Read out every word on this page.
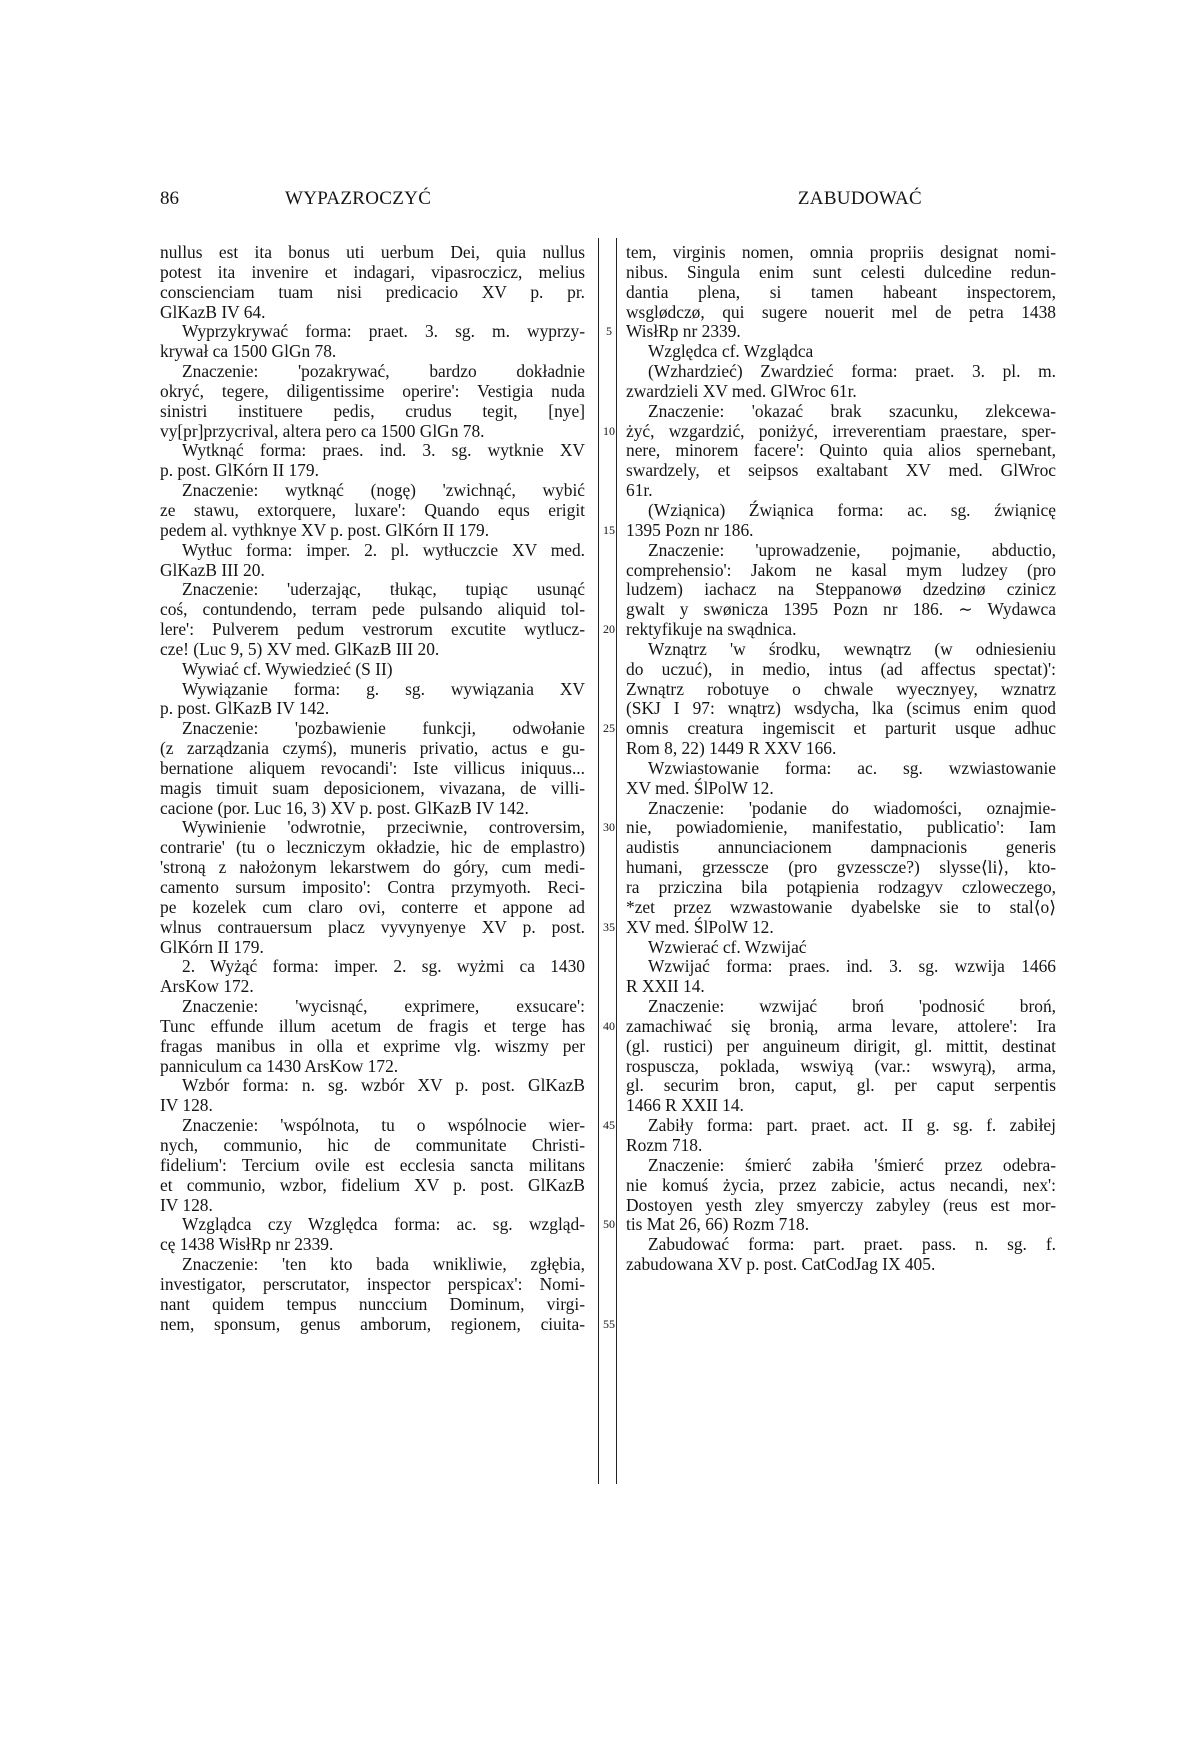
86	WYPAZROCZYĆ	ZABUDOWAĆ
nullus est ita bonus uti uerbum Dei, quia nullus
potest ita invenire et indagari, vipasroczicz, melius
conscienciam tuam nisi predicacio XV p. pr.
GlKazB IV 64.
Wyprzykrywać forma: praet. 3. sg. m. wyprzy-
krywał ca 1500 GlGn 78.
Znaczenie: 'pozakrywać, bardzo dokładnie
okryć, tegere, diligentissime operire': Vestigia nuda
sinistri instituere pedis, crudus tegit, [nye]
vy[pr]przycrival, altera pero ca 1500 GlGn 78.
Wytknąć forma: praes. ind. 3. sg. wytknie XV
p. post. GlKórn II 179.
Znaczenie: wytknąć (nogę) 'zwichnąć, wybić
ze stawu, extorquere, luxare': Quando equs erigit
pedem al. vythknye XV p. post. GlKórn II 179.
Wytłuc forma: imper. 2. pl. wytłuczcie XV med.
GlKazB III 20.
Znaczenie: 'uderzając, tłukąc, tupiąc usunąć
coś, contundendo, terram pede pulsando aliquid tol-
lere': Pulverem pedum vestrorum excutite wytlucz-
cze! (Luc 9, 5) XV med. GlKazB III 20.
Wywiać cf. Wywiedzieć (S II)
Wywiązanie forma: g. sg. wywiązania XV
p. post. GlKazB IV 142.
Znaczenie: 'pozbawienie funkcji, odwołanie
(z zarządzania czymś), muneris privatio, actus e gu-
bernatione aliquem revocandi': Iste villicus iniquus...
magis timuit suam deposicionem, vivazana, de villi-
cacione (por. Luc 16, 3) XV p. post. GlKazB IV 142.
Wywinienie 'odwrotnie, przeciwnie, controversim,
contrarie' (tu o leczniczym okładzie, hic de emplastro)
'stroną z nałożonym lekarstwem do góry, cum medi-
camento sursum imposito': Contra przymyoth. Reci-
pe kozelek cum claro ovi, conterre et appone ad
wlnus contrauersum placz vyvynyenye XV p. post.
GlKórn II 179.
2. Wyżąć forma: imper. 2. sg. wyżmi ca 1430
ArsKow 172.
Znaczenie: 'wycisnąć, exprimere, exsucare':
Tunc effunde illum acetum de fragis et terge has
fragas manibus in olla et exprime vlg. wiszmy per
panniculum ca 1430 ArsKow 172.
Wzbór forma: n. sg. wzbór XV p. post. GlKazB
IV 128.
Znaczenie: 'wspólnota, tu o wspólnocie wier-
nych, communio, hic de communitate Christi-
fidelium': Tercium ovile est ecclesia sancta militans
et communio, wzbor, fidelium XV p. post. GlKazB
IV 128.
Wzglądca czy Względca forma: ac. sg. wzgląd-
cę 1438 WisłRp nr 2339.
Znaczenie: 'ten kto bada wnikliwie, zgłębia,
investigator, perscrutator, inspector perspicax': Nomi-
nant quidem tempus nunccium Dominum, virgi-
nem, sponsum, genus amborum, regionem, ciuita-
5
10
15
20
25
30
35
40
45
50
55
tem, virginis nomen, omnia propriis designat nomi-
nibus. Singula enim sunt celesti dulcedine redun-
dantia plena, si tamen habeant inspectorem,
wsglødczø, qui sugere nouerit mel de petra 1438
WisłRp nr 2339.
Względca cf. Wzglądca
(Wzhardzieć) Zwardzieć forma: praet. 3. pl. m.
zwardzieli XV med. GlWroc 61r.
Znaczenie: 'okazać brak szacunku, zlekcewa-
żyć, wzgardzić, poniżyć, irreverentiam praestare, sper-
nere, minorem facere': Quinto quia alios spernebant,
swardzely, et seipsos exaltabant XV med. GlWroc
61r.
(Wziąnica) Źwiąnica forma: ac. sg. źwiąnicę
1395 Pozn nr 186.
Znaczenie: 'uprowadzenie, pojmanie, abductio,
comprehensio': Jakom ne kasal mym ludzey (pro
ludzem) iachacz na Steppanowø dzedzinø czinicz
gwalt y swønicza 1395 Pozn nr 186. ∼ Wydawca
rektyfikuje na swądnica.
Wznątrz 'w środku, wewnątrz (w odniesieniu
do uczuć), in medio, intus (ad affectus spectat)':
Zwnątrz robotuye o chwale wyecznyey, wznatrz
(SKJ I 97: wnątrz) wsdycha, lka (scimus enim quod
omnis creatura ingemiscit et parturit usque adhuc
Rom 8, 22) 1449 R XXV 166.
Wzwiastowanie forma: ac. sg. wzwiastowanie
XV med. ŚlPolW 12.
Znaczenie: 'podanie do wiadomości, oznajmie-
nie, powiadomienie, manifestatio, publicatio': Iam
audistis annunciacionem dampnacionis generis
humani, grzesscze (pro gvzesscze?) slysse⟨li⟩, kto-
ra prziczina bila potąpienia rodzagyv czloweczego,
*zet przez wzwastowanie dyabelske sie to stal⟨o⟩
XV med. ŚlPolW 12.
Wzwierać cf. Wzwijać
Wzwijać forma: praes. ind. 3. sg. wzwija 1466
R XXII 14.
Znaczenie: wzwijać broń 'podnosić broń,
zamachiwać się bronią, arma levare, attolere': Ira
(gl. rustici) per anguineum dirigit, gl. mittit, destinat
rospuscza, poklada, wswiyą (var.: wswyrą), arma,
gl. securim bron, caput, gl. per caput serpentis
1466 R XXII 14.
Zabiły forma: part. praet. act. II g. sg. f. zabiłej
Rozm 718.
Znaczenie: śmierć zabiła 'śmierć przez odebra-
nie komuś życia, przez zabicie, actus necandi, nex':
Dostoyen yesth zley smyerczy zabyley (reus est mor-
tis Mat 26, 66) Rozm 718.
Zabudować forma: part. praet. pass. n. sg. f.
zabudowana XV p. post. CatCodJag IX 405.
